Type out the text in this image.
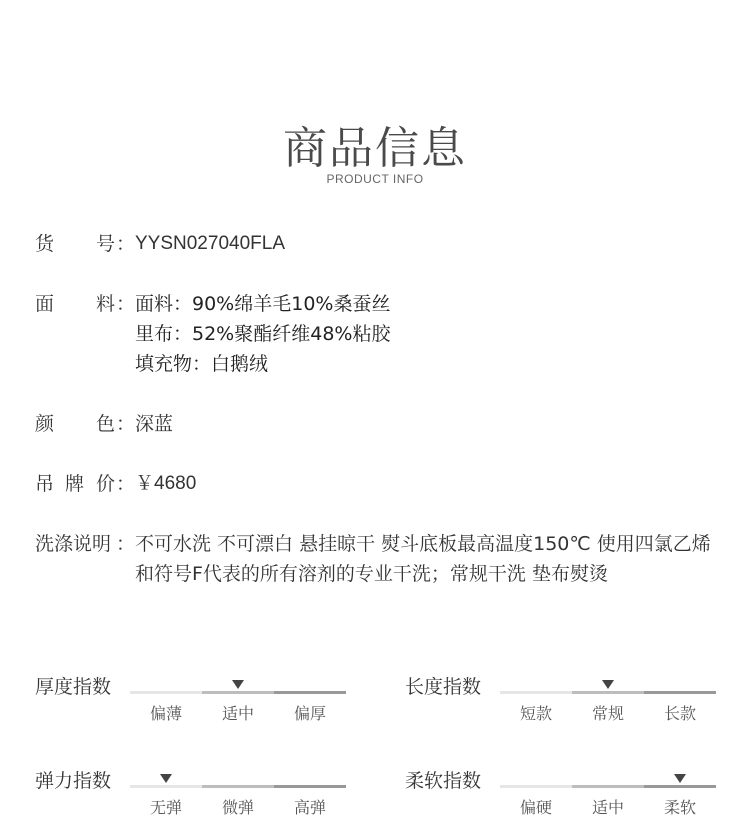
商品信息
PRODUCT INFO
货 号 ： YYSN027040FLA
面 料 ： 面料：90%绵羊毛10%桑蚕丝
里布：52%聚酯纤维48%粘胶
填充物：白鹅绒
颜 色 ： 深蓝
吊 牌 价 ： ￥4680
洗涤说明 ： 不可水洗 不可漂白 悬挂晾干 熨斗底板最高温度150℃ 使用四氯乙烯和符号F代表的所有溶剂的专业干洗；常规干洗 垫布熨烫
厚度指数
偏薄	适中	偏厚
长度指数
短款	常规	长款
弹力指数
无弹	微弹	高弹
柔软指数
偏硬	适中	柔软
